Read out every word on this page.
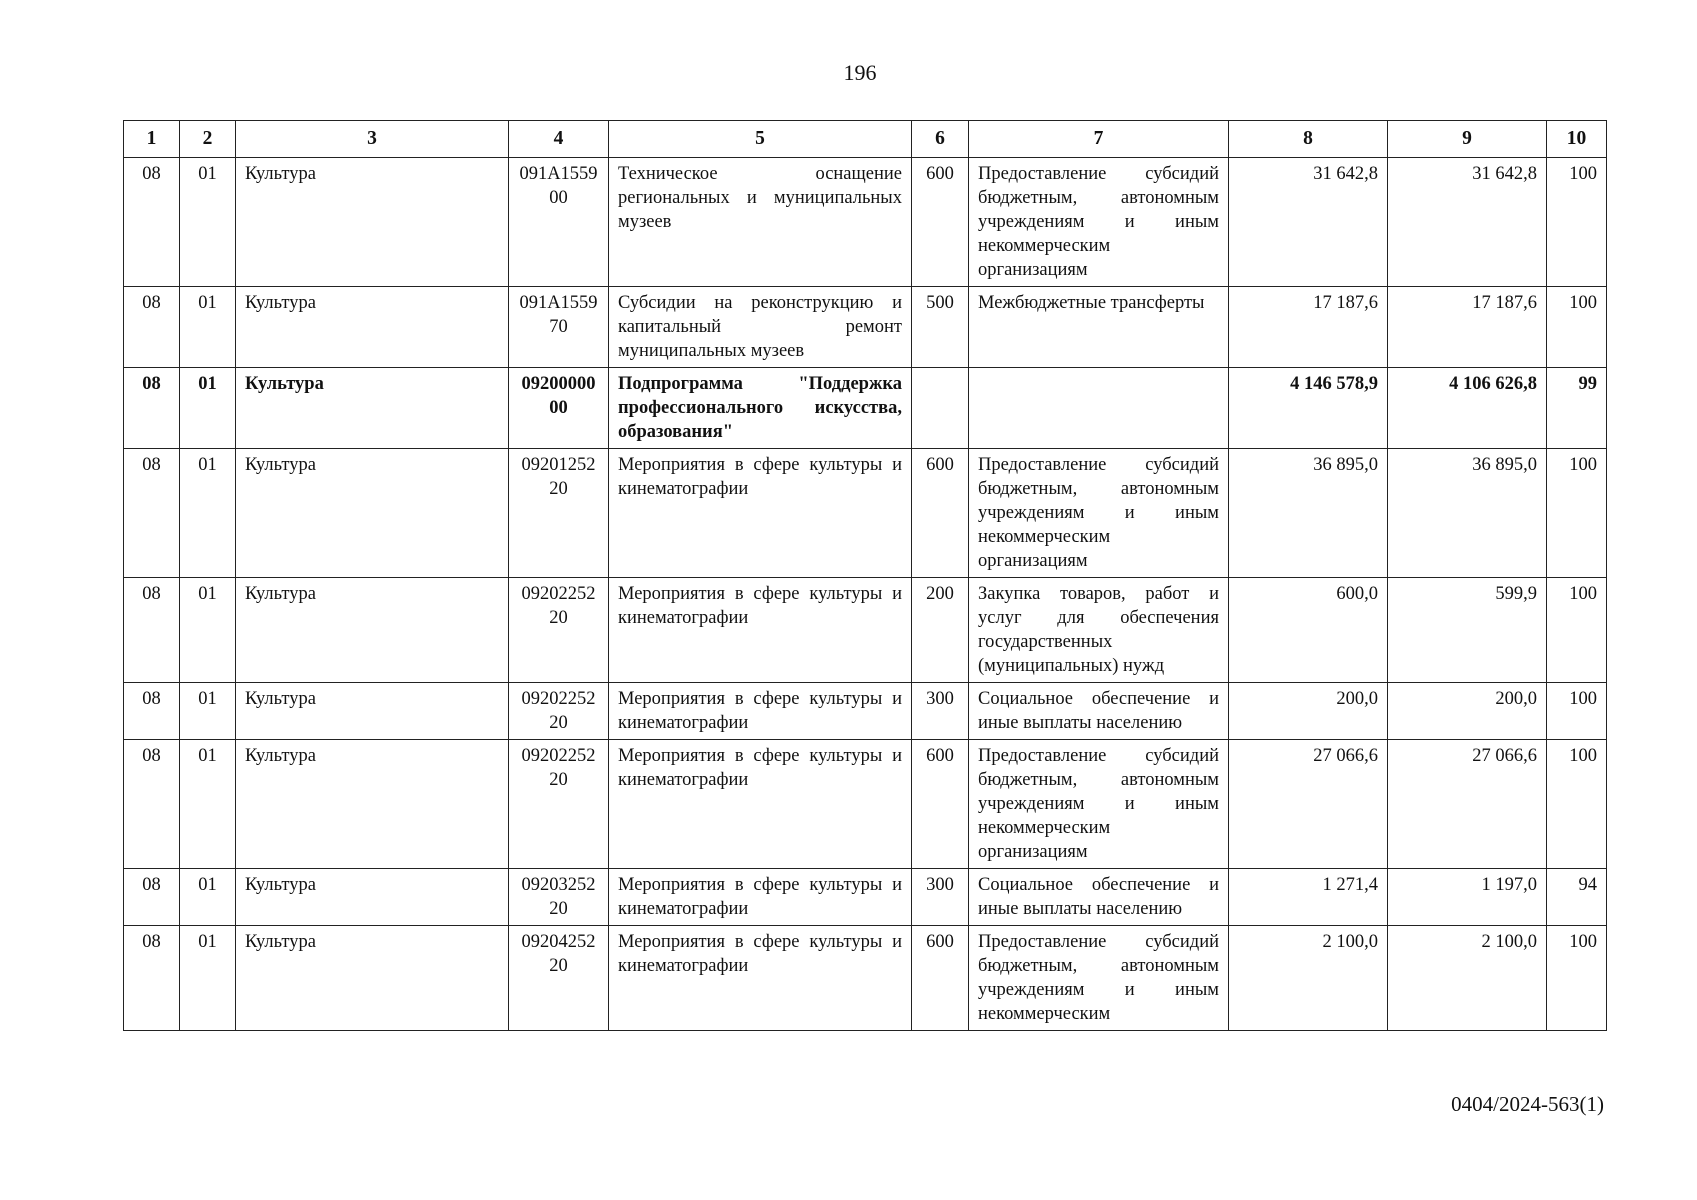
196
1	2	3	4	5	6	7	8	9	10
08	01	Культура	091A155900	Техническое оснащение региональных и муниципальных музеев	600	Предоставление субсидий бюджетным, автономным учреждениям и иным некоммерческим организациям	31 642,8	31 642,8	100
08	01	Культура	091A155970	Субсидии на реконструкцию и капитальный ремонт муниципальных музеев	500	Межбюджетные трансферты	17 187,6	17 187,6	100
08	01	Культура	0920000000	Подпрограмма "Поддержка профессионального искусства, образования"			4 146 578,9	4 106 626,8	99
08	01	Культура	0920125220	Мероприятия в сфере культуры и кинематографии	600	Предоставление субсидий бюджетным, автономным учреждениям и иным некоммерческим организациям	36 895,0	36 895,0	100
08	01	Культура	0920225220	Мероприятия в сфере культуры и кинематографии	200	Закупка товаров, работ и услуг для обеспечения государственных (муниципальных) нужд	600,0	599,9	100
08	01	Культура	0920225220	Мероприятия в сфере культуры и кинематографии	300	Социальное обеспечение и иные выплаты населению	200,0	200,0	100
08	01	Культура	0920225220	Мероприятия в сфере культуры и кинематографии	600	Предоставление субсидий бюджетным, автономным учреждениям и иным некоммерческим организациям	27 066,6	27 066,6	100
08	01	Культура	0920325220	Мероприятия в сфере культуры и кинематографии	300	Социальное обеспечение и иные выплаты населению	1 271,4	1 197,0	94
08	01	Культура	0920425220	Мероприятия в сфере культуры и кинематографии	600	Предоставление субсидий бюджетным, автономным учреждениям и иным некоммерческим	2 100,0	2 100,0	100
0404/2024-563(1)
